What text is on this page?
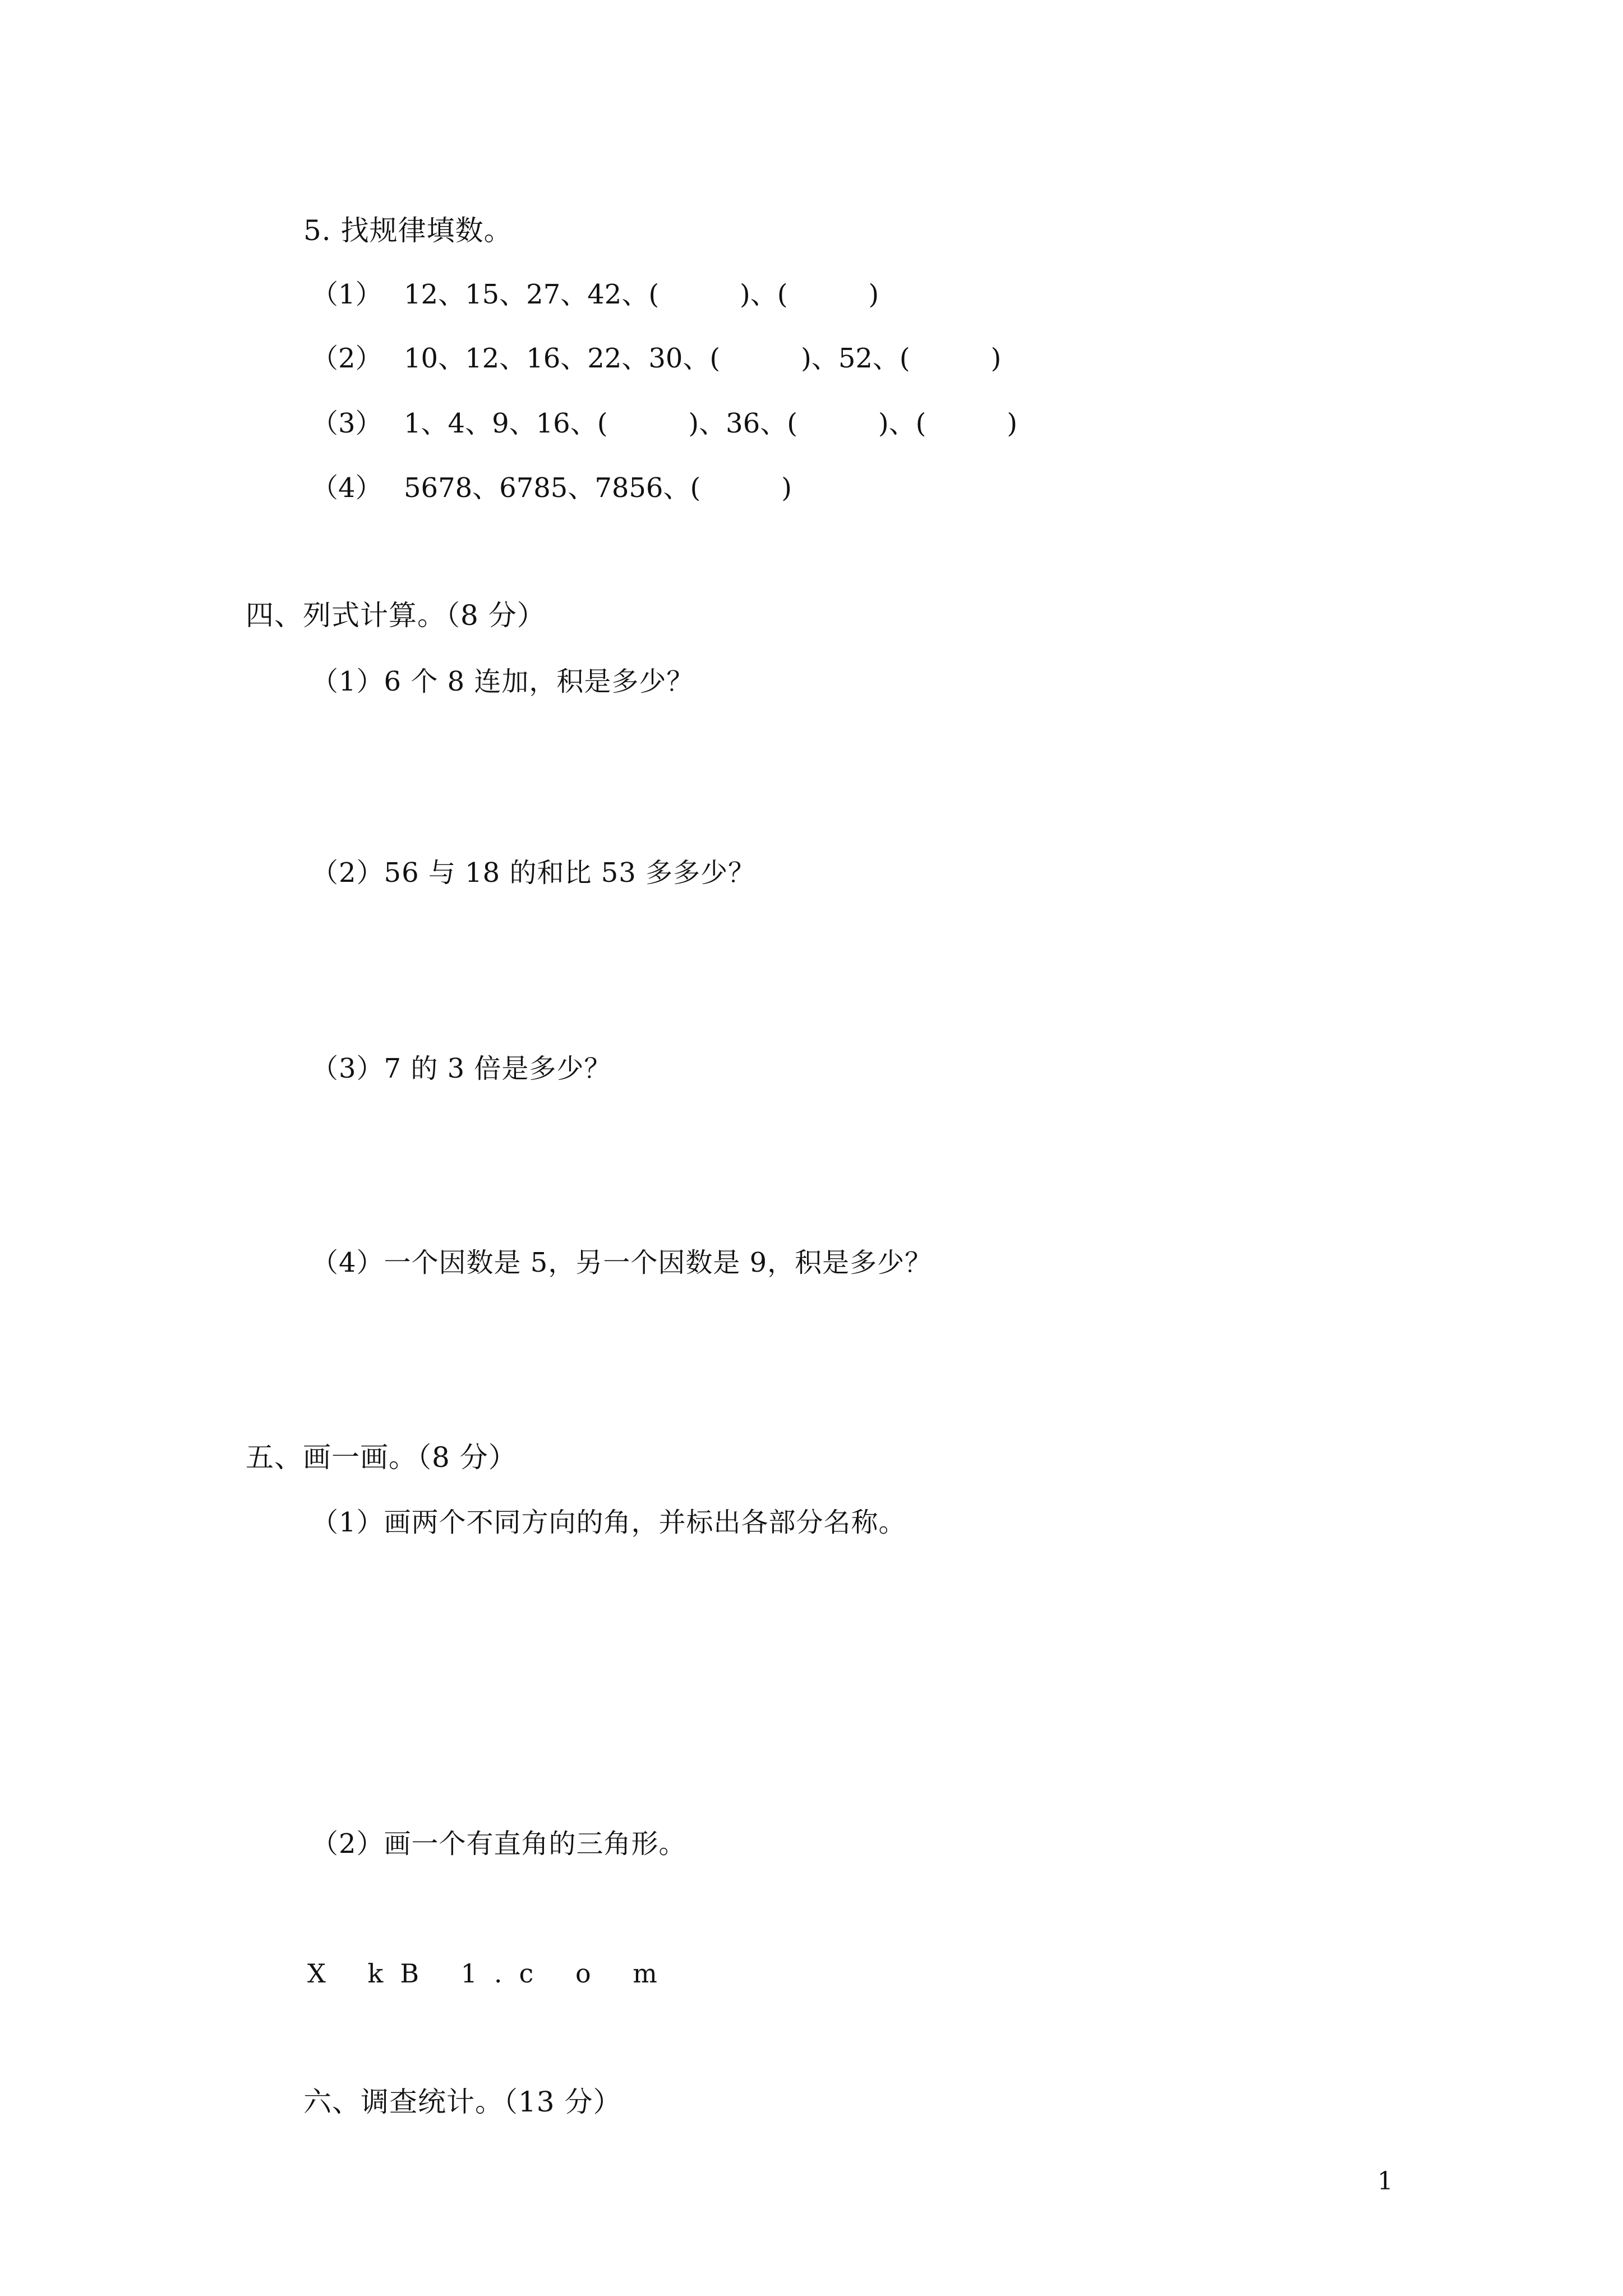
5. 找规律填数。
（1） 12、15、27、42、(　　　)、(　　　)
（2） 10、12、16、22、30、(　　　)、52、(　　　)
（3） 1、4、9、16、(　　　)、36、(　　　)、(　　　)
（4） 5678、6785、7856、(　　　)
四、列式计算。（8 分）
（1）6 个 8 连加，积是多少？
（2）56 与 18 的和比 53 多多少？
（3）7 的 3 倍是多少？
（4）一个因数是 5，另一个因数是 9，积是多少？
五、画一画。（8 分）
（1）画两个不同方向的角，并标出各部分名称。
（2）画一个有直角的三角形。
X kB 1.c o m
六、调查统计。（13 分）
1
